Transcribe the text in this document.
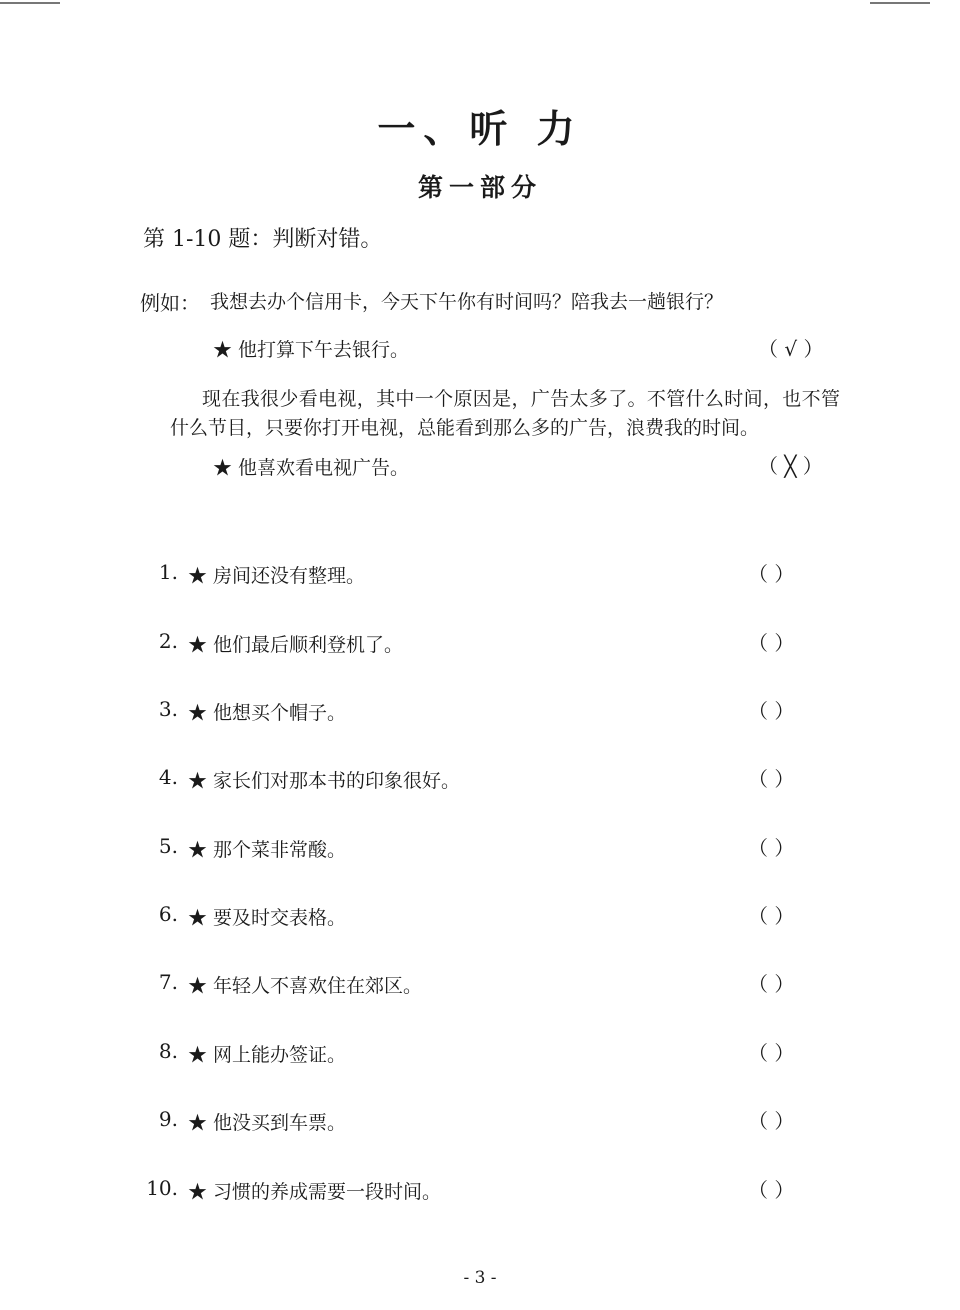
一、听 力
第一部分
第 1-10 题：判断对错。
例如： 我想去办个信用卡，今天下午你有时间吗？陪我去一趟银行？
★ 他打算下午去银行。	（ √ ）
现在我很少看电视，其中一个原因是，广告太多了。不管什么时间，也不管什么节目，只要你打开电视，总能看到那么多的广告，浪费我的时间。
★ 他喜欢看电视广告。	（ ╳ ）
1. ★ 房间还没有整理。	（ ）
2. ★ 他们最后顺利登机了。	（ ）
3. ★ 他想买个帽子。	（ ）
4. ★ 家长们对那本书的印象很好。	（ ）
5. ★ 那个菜非常酸。	（ ）
6. ★ 要及时交表格。	（ ）
7. ★ 年轻人不喜欢住在郊区。	（ ）
8. ★ 网上能办签证。	（ ）
9. ★ 他没买到车票。	（ ）
10. ★ 习惯的养成需要一段时间。	（ ）
- 3 -
